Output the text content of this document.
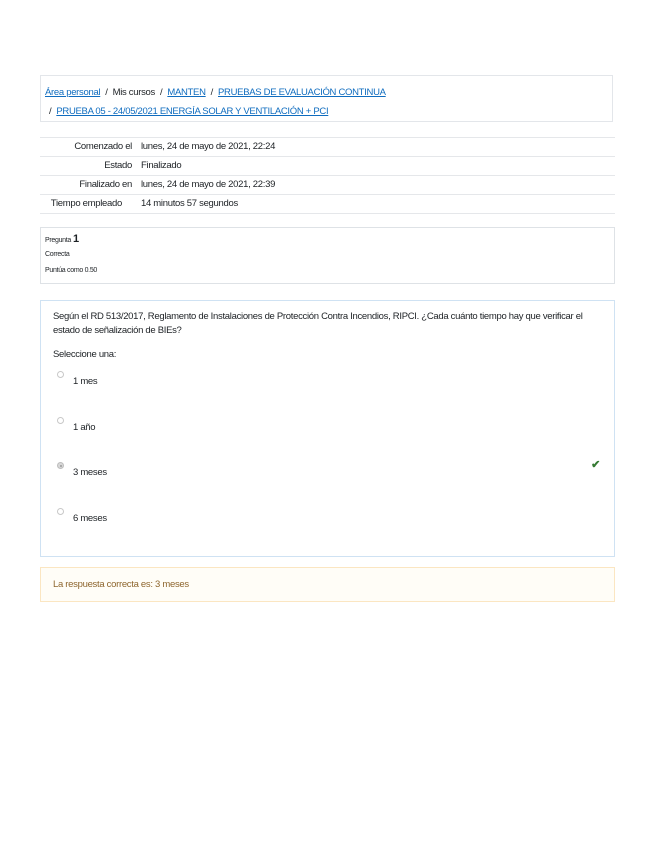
Área personal / Mis cursos / MANTEN / PRUEBAS DE EVALUACIÓN CONTINUA
/ PRUEBA 05 - 24/05/2021 ENERGÍA SOLAR Y VENTILACIÓN + PCI
Comenzado el lunes, 24 de mayo de 2021, 22:24
Estado Finalizado
Finalizado en lunes, 24 de mayo de 2021, 22:39
Tiempo empleado	14 minutos 57 segundos
Pregunta 1
Correcta
Puntúa como 0.50
Según el RD 513/2017, Reglamento de Instalaciones de Protección Contra Incendios, RIPCI. ¿Cada cuánto tiempo hay que verificar el estado de señalización de BIEs?
Seleccione una:
1 mes
1 año
3 meses
6 meses
✔
La respuesta correcta es: 3 meses
